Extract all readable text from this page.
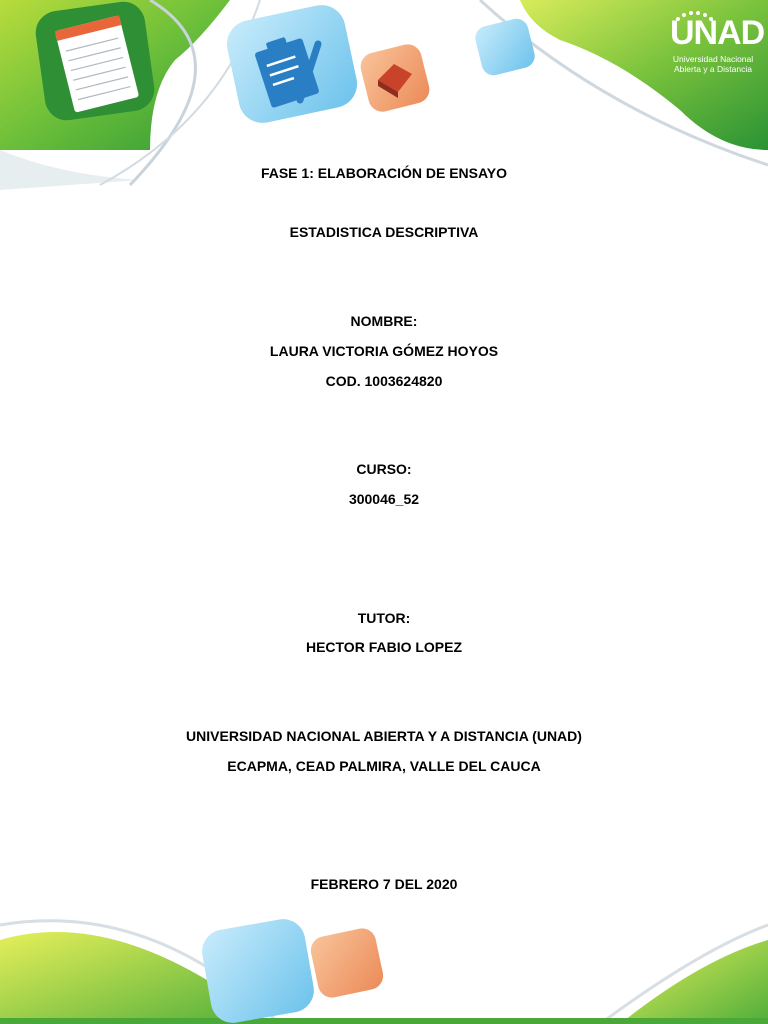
UNAD
Universidad Nacional
Abierta y a Distancia
FASE 1: ELABORACIÓN DE ENSAYO
ESTADISTICA DESCRIPTIVA
NOMBRE:
LAURA VICTORIA GÓMEZ HOYOS
COD. 1003624820
CURSO:
300046_52
TUTOR:
HECTOR FABIO LOPEZ
UNIVERSIDAD NACIONAL ABIERTA Y A DISTANCIA (UNAD)
ECAPMA, CEAD PALMIRA, VALLE DEL CAUCA
FEBRERO 7 DEL 2020
